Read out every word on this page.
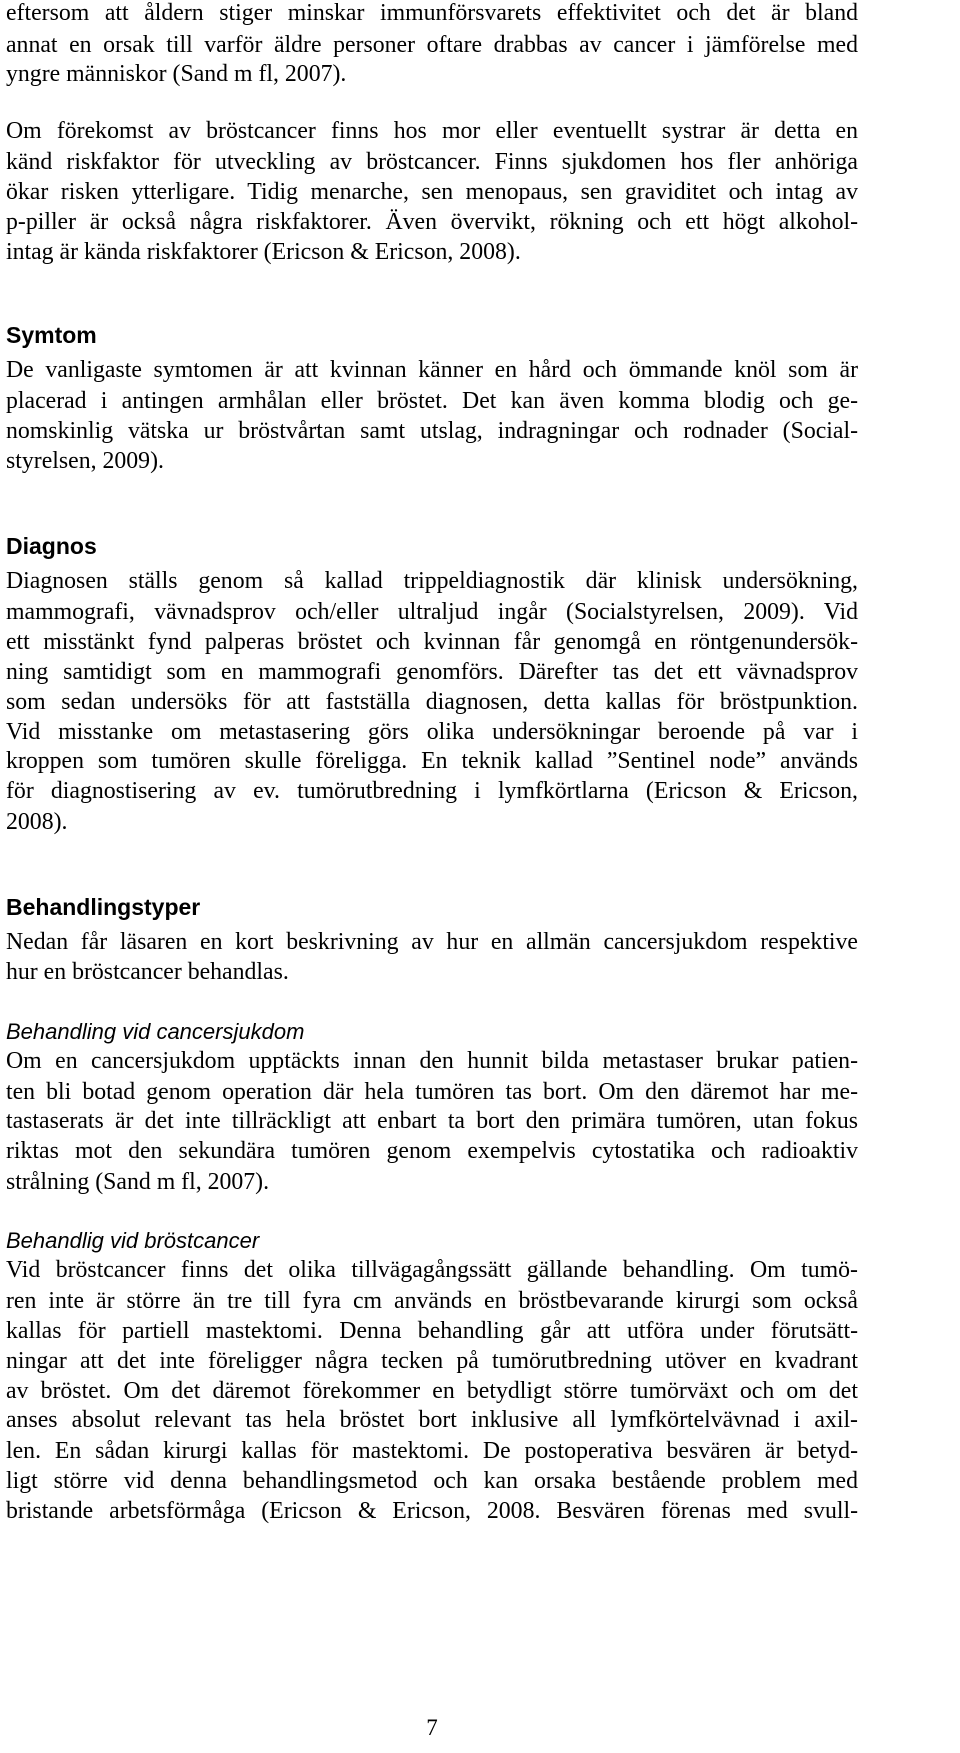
eftersom att åldern stiger minskar immunförsvarets effektivitet och det är bland
annat en orsak till varför äldre personer oftare drabbas av cancer i jämförelse med
yngre människor (Sand m fl, 2007).
Om förekomst av bröstcancer finns hos mor eller eventuellt systrar är detta en
känd riskfaktor för utveckling av bröstcancer. Finns sjukdomen hos fler anhöriga
ökar risken ytterligare. Tidig menarche, sen menopaus, sen graviditet och intag av
p-piller är också några riskfaktorer. Även övervikt, rökning och ett högt alkohol-
intag är kända riskfaktorer (Ericson & Ericson, 2008).
Symtom
De vanligaste symtomen är att kvinnan känner en hård och ömmande knöl som är
placerad i antingen armhålan eller bröstet. Det kan även komma blodig och ge-
nomskinlig vätska ur bröstvårtan samt utslag, indragningar och rodnader (Social-
styrelsen, 2009).
Diagnos
Diagnosen ställs genom så kallad trippeldiagnostik där klinisk undersökning,
mammografi, vävnadsprov och/eller ultraljud ingår (Socialstyrelsen, 2009). Vid
ett misstänkt fynd palperas bröstet och kvinnan får genomgå en röntgenundersök-
ning samtidigt som en mammografi genomförs. Därefter tas det ett vävnadsprov
som sedan undersöks för att fastställa diagnosen, detta kallas för bröstpunktion.
Vid misstanke om metastasering görs olika undersökningar beroende på var i
kroppen som tumören skulle föreligga. En teknik kallad ”Sentinel node” används
för diagnostisering av ev. tumörutbredning i lymfkörtlarna (Ericson & Ericson,
2008).
Behandlingstyper
Nedan får läsaren en kort beskrivning av hur en allmän cancersjukdom respektive
hur en bröstcancer behandlas.
Behandling vid cancersjukdom
Om en cancersjukdom upptäckts innan den hunnit bilda metastaser brukar patien-
ten bli botad genom operation där hela tumören tas bort. Om den däremot har me-
tastaserats är det inte tillräckligt att enbart ta bort den primära tumören, utan fokus
riktas mot den sekundära tumören genom exempelvis cytostatika och radioaktiv
strålning (Sand m fl, 2007).
Behandlig vid bröstcancer
Vid bröstcancer finns det olika tillvägagångssätt gällande behandling. Om tumö-
ren inte är större än tre till fyra cm används en bröstbevarande kirurgi som också
kallas för partiell mastektomi. Denna behandling går att utföra under förutsätt-
ningar att det inte föreligger några tecken på tumörutbredning utöver en kvadrant
av bröstet. Om det däremot förekommer en betydligt större tumörväxt och om det
anses absolut relevant tas hela bröstet bort inklusive all lymfkörtelvävnad i axil-
len. En sådan kirurgi kallas för mastektomi. De postoperativa besvären är betyd-
ligt större vid denna behandlingsmetod och kan orsaka bestående problem med
bristande arbetsförmåga (Ericson & Ericson, 2008. Besvären förenas med svull-
7
